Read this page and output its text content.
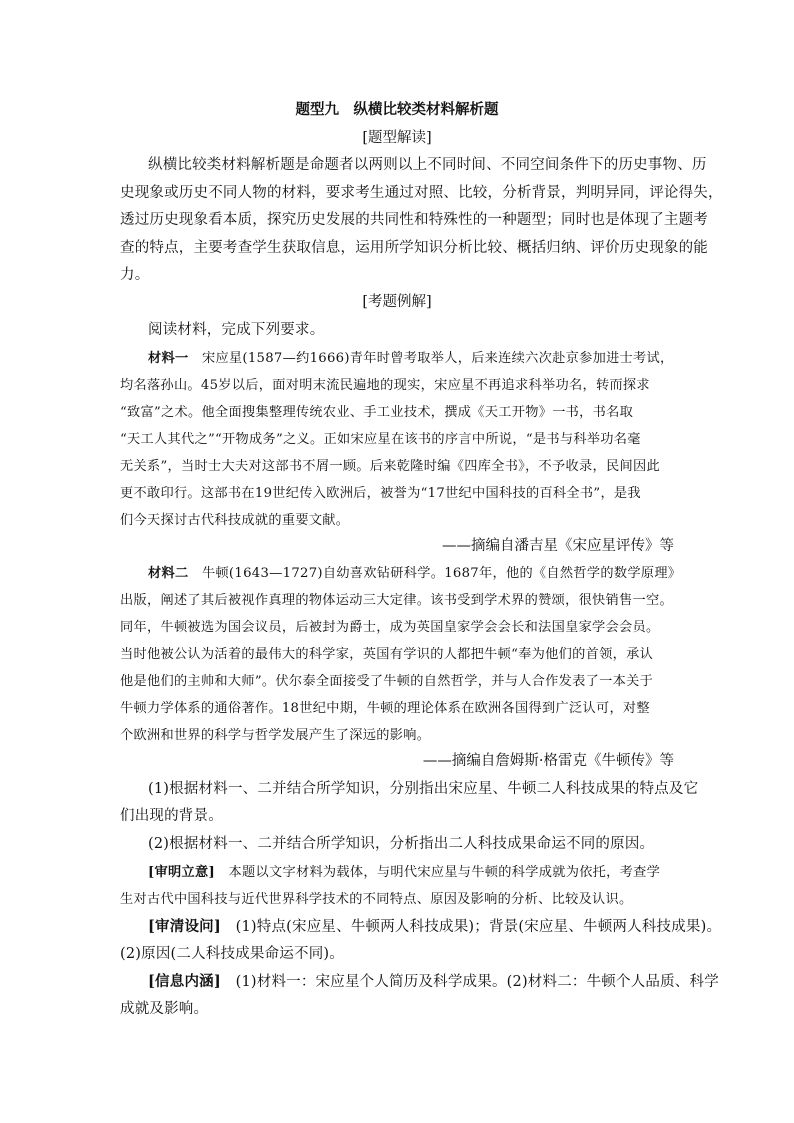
题型九　纵横比较类材料解析题
[题型解读]
纵横比较类材料解析题是命题者以两则以上不同时间、不同空间条件下的历史事物、历
史现象或历史不同人物的材料，要求考生通过对照、比较，分析背景，判明异同，评论得失，
透过历史现象看本质，探究历史发展的共同性和特殊性的一种题型；同时也是体现了主题考
查的特点，主要考查学生获取信息，运用所学知识分析比较、概括归纳、评价历史现象的能
力。
[考题例解]
阅读材料，完成下列要求。
材料一　宋应星(1587—约1666)青年时曾考取举人，后来连续六次赴京参加进士考试，
均名落孙山。45岁以后，面对明末流民遍地的现实，宋应星不再追求科举功名，转而探求
“致富”之术。他全面搜集整理传统农业、手工业技术，撰成《天工开物》一书，书名取
“天工人其代之”“开物成务”之义。正如宋应星在该书的序言中所说，“是书与科举功名毫
无关系”，当时士大夫对这部书不屑一顾。后来乾隆时编《四库全书》，不予收录，民间因此
更不敢印行。这部书在19世纪传入欧洲后，被誉为“17世纪中国科技的百科全书”，是我
们今天探讨古代科技成就的重要文献。
——摘编自潘吉星《宋应星评传》等
材料二　牛顿(1643—1727)自幼喜欢钻研科学。1687年，他的《自然哲学的数学原理》
出版，阐述了其后被视作真理的物体运动三大定律。该书受到学术界的赞颂，很快销售一空。
同年，牛顿被选为国会议员，后被封为爵士，成为英国皇家学会会长和法国皇家学会会员。
当时他被公认为活着的最伟大的科学家，英国有学识的人都把牛顿“奉为他们的首领，承认
他是他们的主帅和大师”。伏尔泰全面接受了牛顿的自然哲学，并与人合作发表了一本关于
牛顿力学体系的通俗著作。18世纪中期，牛顿的理论体系在欧洲各国得到广泛认可，对整
个欧洲和世界的科学与哲学发展产生了深远的影响。
——摘编自詹姆斯·格雷克《牛顿传》等
(1)根据材料一、二并结合所学知识，分别指出宋应星、牛顿二人科技成果的特点及它
们出现的背景。
(2)根据材料一、二并结合所学知识，分析指出二人科技成果命运不同的原因。
[审明立意]　本题以文字材料为载体，与明代宋应星与牛顿的科学成就为依托，考查学
生对古代中国科技与近代世界科学技术的不同特点、原因及影响的分析、比较及认识。
[审清设问]　(1)特点(宋应星、牛顿两人科技成果)；背景(宋应星、牛顿两人科技成果)。
(2)原因(二人科技成果命运不同)。
[信息内涵]　(1)材料一：宋应星个人简历及科学成果。(2)材料二：牛顿个人品质、科学
成就及影响。
